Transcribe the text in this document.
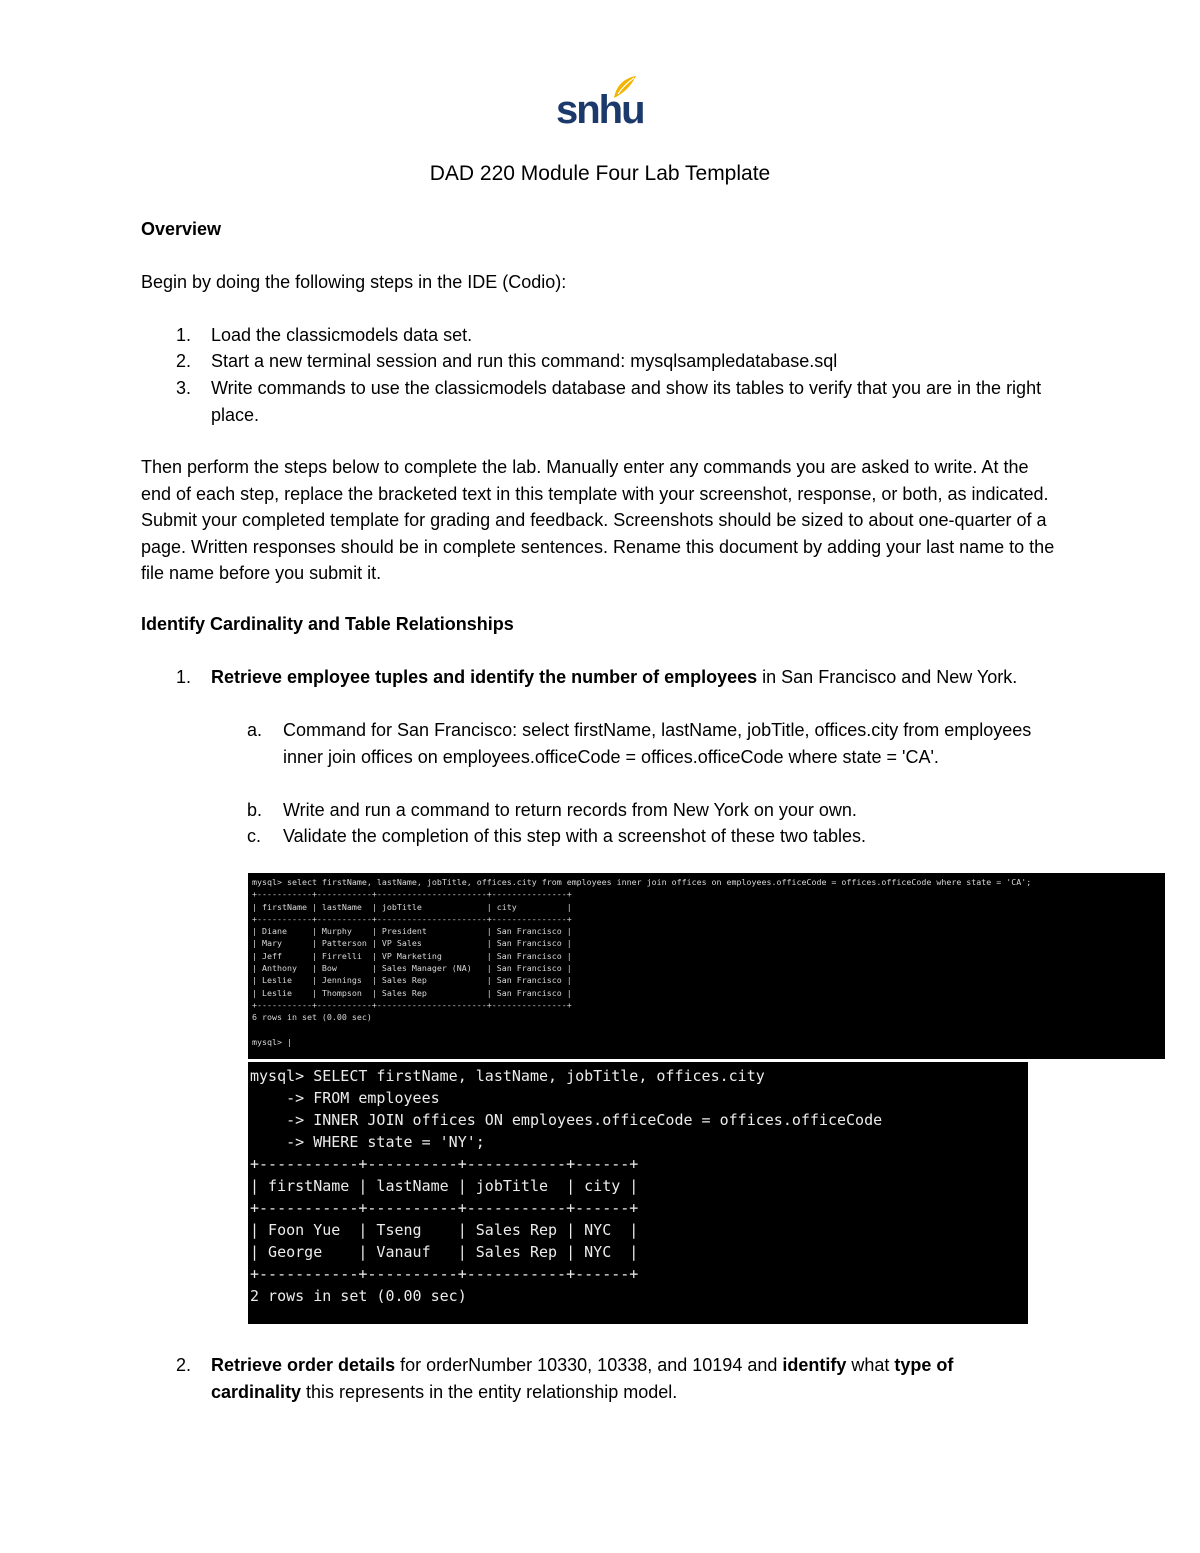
snhu
DAD 220 Module Four Lab Template
Overview
Begin by doing the following steps in the IDE (Codio):
1. Load the classicmodels data set.
2. Start a new terminal session and run this command: mysqlsampledatabase.sql
3. Write commands to use the classicmodels database and show its tables to verify that you are in the right place.
Then perform the steps below to complete the lab. Manually enter any commands you are asked to write. At the end of each step, replace the bracketed text in this template with your screenshot, response, or both, as indicated. Submit your completed template for grading and feedback. Screenshots should be sized to about one-quarter of a page. Written responses should be in complete sentences. Rename this document by adding your last name to the file name before you submit it.
Identify Cardinality and Table Relationships
1. Retrieve employee tuples and identify the number of employees in San Francisco and New York.
a. Command for San Francisco: select firstName, lastName, jobTitle, offices.city from employees inner join offices on employees.officeCode = offices.officeCode where state = 'CA'.
b. Write and run a command to return records from New York on your own.
c. Validate the completion of this step with a screenshot of these two tables.
mysql> select firstName, lastName, jobTitle, offices.city from employees inner join offices on employees.officeCode = offices.officeCode where state = 'CA';
+-----------+-----------+----------------------+---------------+
| firstName | lastName  | jobTitle             | city          |
+-----------+-----------+----------------------+---------------+
| Diane     | Murphy    | President            | San Francisco |
| Mary      | Patterson | VP Sales             | San Francisco |
| Jeff      | Firrelli  | VP Marketing         | San Francisco |
| Anthony   | Bow       | Sales Manager (NA)   | San Francisco |
| Leslie    | Jennings  | Sales Rep            | San Francisco |
| Leslie    | Thompson  | Sales Rep            | San Francisco |
+-----------+-----------+----------------------+---------------+
6 rows in set (0.00 sec)

mysql> |

mysql> SELECT firstName, lastName, jobTitle, offices.city
-> FROM employees
-> INNER JOIN offices ON employees.officeCode = offices.officeCode
-> WHERE state = 'NY';
+-----------+----------+-----------+------+
| firstName | lastName | jobTitle  | city |
+-----------+----------+-----------+------+
| Foon Yue  | Tseng    | Sales Rep | NYC  |
| George    | Vanauf   | Sales Rep | NYC  |
+-----------+----------+-----------+------+
2 rows in set (0.00 sec)

2. Retrieve order details for orderNumber 10330, 10338, and 10194 and identify what type of cardinality this represents in the entity relationship model.
